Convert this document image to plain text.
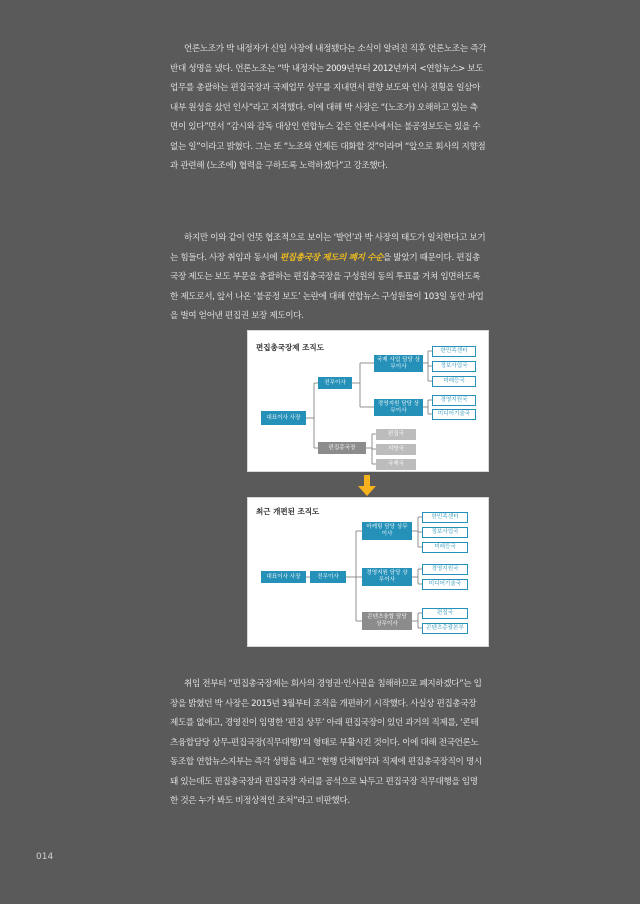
언론노조가 박 내정자가 신임 사장에 내정됐다는 소식이 알려진 직후 언론노조는 즉각
반대 성명을 냈다. 언론노조는 “박 내정자는 2009년부터 2012년까지 <연합뉴스> 보도
업무를 총괄하는 편집국장과 국제업무 상무를 지내면서 편향 보도와 인사 전횡을 일삼아
내부 원성을 샀던 인사”라고 지적했다. 이에 대해 박 사장은 “(노조가) 오해하고 있는 측
면이 있다”면서 “감시와 감독 대상인 연합뉴스 같은 언론사에서는 불공정보도는 있을 수
없는 일”이라고 밝혔다. 그는 또 “노조와 언제든 대화할 것”이라며 “앞으로 회사의 지향점
과 관련해 (노조에) 협력을 구하도록 노력하겠다”고 강조했다.

하지만 이와 같이 언뜻 협조적으로 보이는 ‘발언’과 박 사장의 태도가 일치한다고 보기
는 힘들다. 사장 취임과 동시에 편집총국장 제도의 폐지 수순을 밟았기 때문이다. 편집총
국장 제도는 보도 부문을 총괄하는 편집총국장을 구성원의 동의 투표를 거쳐 임면하도록
한 제도로서, 앞서 나온 ‘불공정 보도’ 논란에 대해 연합뉴스 구성원들이 103일 동안 파업
을 벌여 얻어낸 편집권 보장 제도이다.

편집총국장제 조직도
대표이사 사장
전무이사
편집총국장
국제 사업 담당 상무이사
경영지원 담당 상무이사
한민족센터
정보사업국
미래등국
경영지원국
미디어기술국
편집국
지방국
국제국
최근 개편된 조직도
대표이사 사장	전무이사
마케팅 담당 상무이사
경영지원 담당 상무이사
콘텐츠융합 담당 상무이사
한민족센터
정보사업국
미래등국
경영지원국
미디어기술국
편집국
콘텐츠총괄본부

취임 전부터 “편집총국장제는 회사의 경영권·인사권을 침해하므로 폐지하겠다”는 입
장을 밝혔던 박 사장은 2015년 3월부터 조직을 개편하기 시작했다. 사실상 편집총국장
제도를 없애고, 경영진이 임명한 ‘편집 상무’ 아래 편집국장이 있던 과거의 직제를, ‘콘테
츠융합담당 상무-편집국장(직무대행)’의 형태로 부활시킨 것이다. 이에 대해 전국언론노
동조합 연합뉴스지부는 즉각 성명을 내고 “현행 단체협약과 직제에 편집총국장직이 명시
돼 있는데도 편집총국장과 편집국장 자리를 공석으로 놔두고 편집국장 직무대행을 임명
한 것은 누가 봐도 비정상적인 조처”라고 비판했다.

014
